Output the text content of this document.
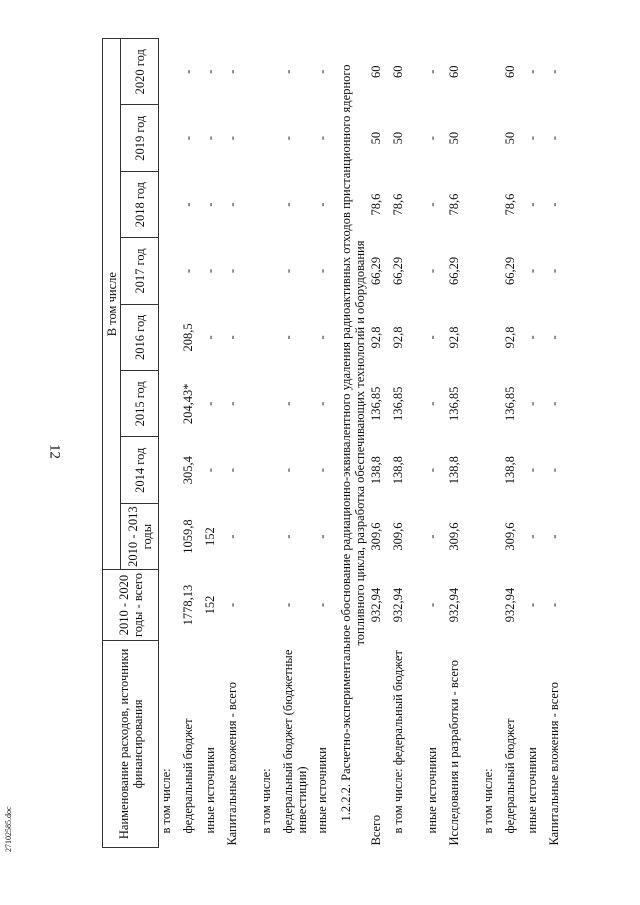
12
27102585.doc	Наименование расходов, источники финансирования	2010 - 2020 годы - всего	В том числе							
		2010 - 2013 годы	2014 год	2015 год	2016 год	2017 год	2018 год	2019 год	2020 год
в том числе:									
федеральный бюджет	1778,13	1059,8	305,4	204,43*	208,5	-	-	-	-
иные источники	152	152	-	-	-	-	-	-	-
Капитальные вложения - всего	-	-	-	-	-	-	-	-	-
в том числе:									
федеральный бюджет (бюджетные инвестиции)	-	-	-	-	-	-	-	-	-
иные источники	-	-	-	-	-	-	-	-	-
1.2.2.2. Расчетно-экспериментальное обоснование радиационно-эквивалентного удаления радиоактивных отходов пристанционного ядерного топливного цикла, разработка обеспечивающих технологий и оборудования									
Всего	932,94	309,6	138,8	136,85	92,8	66,29	78,6	50	60
в том числе: федеральный бюджет	932,94	309,6	138,8	136,85	92,8	66,29	78,6	50	60
иные источники	-	-	-	-	-	-	-	-	-
Исследования и разработки - всего	932,94	309,6	138,8	136,85	92,8	66,29	78,6	50	60
в том числе:									
федеральный бюджет	932,94	309,6	138,8	136,85	92,8	66,29	78,6	50	60
иные источники	-	-	-	-	-	-	-	-	-
Капитальные вложения - всего	-	-	-	-	-	-	-	-	-
